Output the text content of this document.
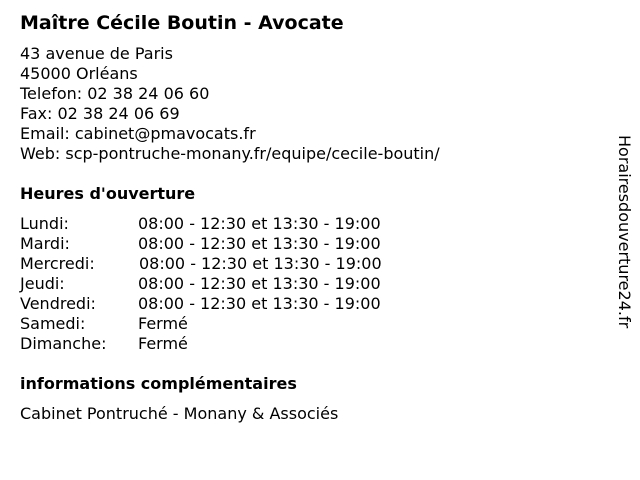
Maître Cécile Boutin - Avocate
43 avenue de Paris
45000 Orléans
Telefon: 02 38 24 06 60
Fax: 02 38 24 06 69
Email: cabinet@pmavocats.fr
Web: scp-pontruche-monany.fr/equipe/cecile-boutin/
Heures d'ouverture
Lundi:	08:00 - 12:30 et 13:30 - 19:00
Mardi:	08:00 - 12:30 et 13:30 - 19:00
Mercredi:	08:00 - 12:30 et 13:30 - 19:00
Jeudi:	08:00 - 12:30 et 13:30 - 19:00
Vendredi:	08:00 - 12:30 et 13:30 - 19:00
Samedi:	Fermé
Dimanche: Fermé
informations complémentaires
Cabinet Pontruché - Monany & Associés
Horairesdouverture24.fr
